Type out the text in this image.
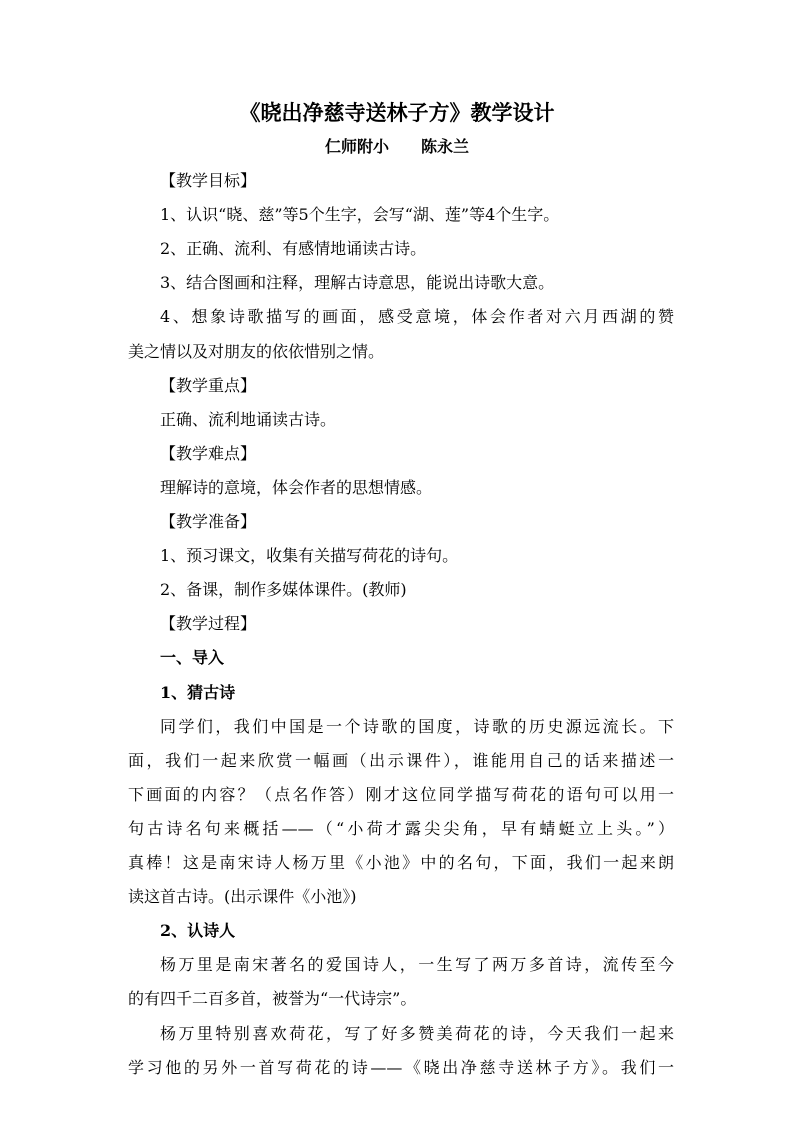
《晓出净慈寺送林子方》教学设计
仁师附小 陈永兰
【教学目标】
1、认识“晓、慈”等5个生字，会写“湖、莲”等4个生字。
2、正确、流利、有感情地诵读古诗。
3、结合图画和注释，理解古诗意思，能说出诗歌大意。
4、想象诗歌描写的画面，感受意境，体会作者对六月西湖的赞
美之情以及对朋友的依依惜别之情。
【教学重点】
正确、流利地诵读古诗。
【教学难点】
理解诗的意境，体会作者的思想情感。
【教学准备】
1、预习课文，收集有关描写荷花的诗句。
2、备课，制作多媒体课件。(教师)
【教学过程】
一、导入
1、猜古诗
同学们，我们中国是一个诗歌的国度，诗歌的历史源远流长。下
面，我们一起来欣赏一幅画（出示课件），谁能用自己的话来描述一
下画面的内容？（点名作答）刚才这位同学描写荷花的语句可以用一
句古诗名句来概括——（“小荷才露尖尖角，早有蜻蜓立上头。”）
真棒！这是南宋诗人杨万里《小池》中的名句，下面，我们一起来朗
读这首古诗。(出示课件《小池》)
2、认诗人
杨万里是南宋著名的爱国诗人，一生写了两万多首诗，流传至今
的有四千二百多首，被誉为“一代诗宗”。
杨万里特别喜欢荷花，写了好多赞美荷花的诗，今天我们一起来
学习他的另外一首写荷花的诗——《晓出净慈寺送林子方》。我们一
